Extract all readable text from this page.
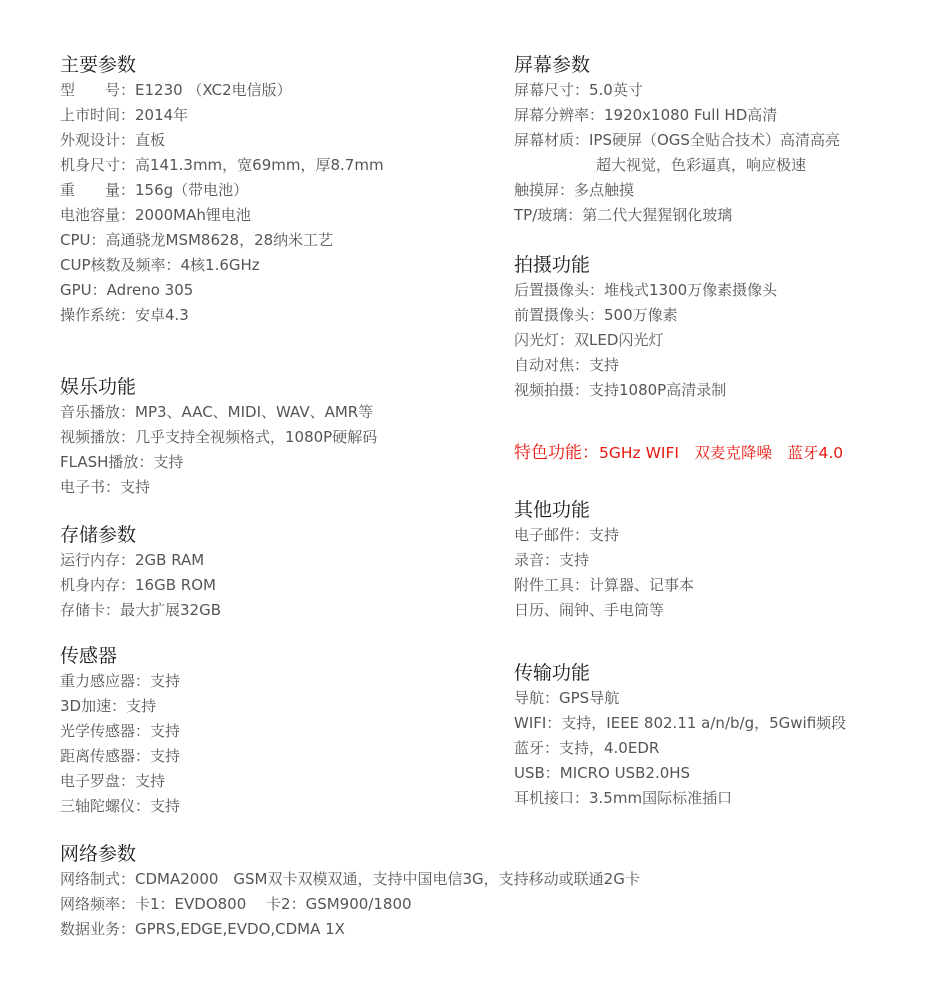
主要参数
型　　号：E1230 （XC2电信版）
上市时间：2014年
外观设计：直板
机身尺寸：高141.3mm，宽69mm，厚8.7mm
重　　量：156g（带电池）
电池容量：2000MAh锂电池
CPU：高通骁龙MSM8628，28纳米工艺
CUP核数及频率：4核1.6GHz
GPU：Adreno 305
操作系统：安卓4.3
娱乐功能
音乐播放：MP3、AAC、MIDI、WAV、AMR等
视频播放：几乎支持全视频格式，1080P硬解码
FLASH播放：支持
电子书：支持
存储参数
运行内存：2GB RAM
机身内存：16GB ROM
存储卡：最大扩展32GB
传感器
重力感应器：支持
3D加速：支持
光学传感器：支持
距离传感器：支持
电子罗盘：支持
三轴陀螺仪：支持
网络参数
网络制式：CDMA2000　GSM双卡双模双通，支持中国电信3G，支持移动或联通2G卡
网络频率：卡1：EVDO800　 卡2：GSM900/1800
数据业务：GPRS,EDGE,EVDO,CDMA 1X
屏幕参数
屏幕尺寸：5.0英寸
屏幕分辨率：1920x1080 Full HD高清
屏幕材质：IPS硬屏（OGS全贴合技术）高清高亮
超大视觉，色彩逼真，响应极速
触摸屏：多点触摸
TP/玻璃：第二代大猩猩钢化玻璃
拍摄功能
后置摄像头：堆栈式1300万像素摄像头
前置摄像头：500万像素
闪光灯：双LED闪光灯
自动对焦：支持
视频拍摄：支持1080P高清录制
特色功能：5GHz WIFI　双麦克降噪　蓝牙4.0
其他功能
电子邮件：支持
录音：支持
附件工具：计算器、记事本
日历、闹钟、手电筒等
传输功能
导航：GPS导航
WIFI：支持，IEEE 802.11 a/n/b/g，5Gwifi频段
蓝牙：支持，4.0EDR
USB：MICRO USB2.0HS
耳机接口：3.5mm国际标准插口
